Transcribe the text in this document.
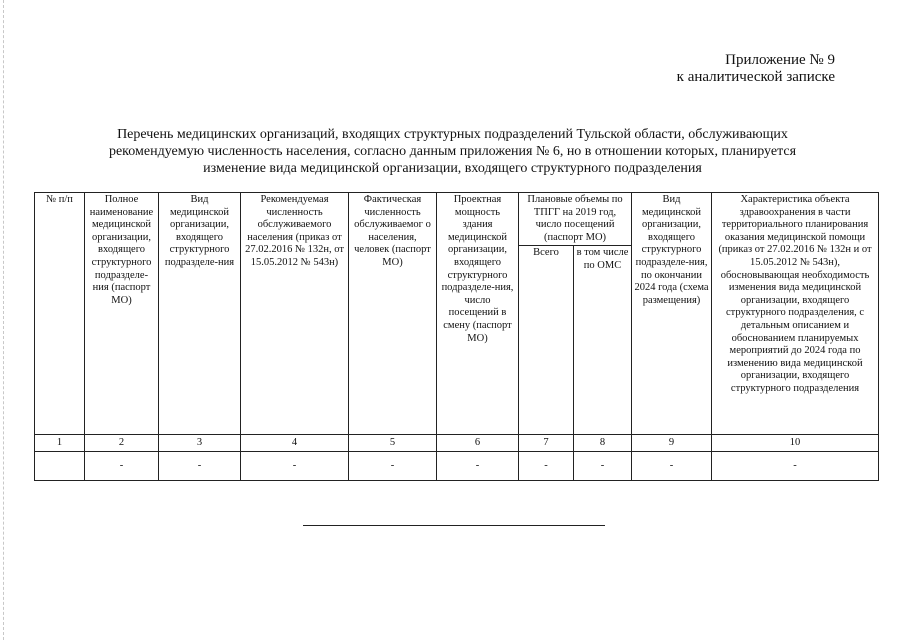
Приложение № 9
к аналитической записке
Перечень медицинских организаций, входящих структурных подразделений Тульской области, обслуживающих
рекомендуемую численность населения, согласно данным приложения № 6, но в отношении которых, планируется
изменение вида медицинской организации, входящего структурного подразделения
№ п/п	Полное наименование медицинской организации, входящего структурного подразделе-ния (паспорт МО)	Вид медицинской организации, входящего структурного подразделе-ния	Рекомендуемая численность обслуживаемого населения (приказ от 27.02.2016 № 132н, от 15.05.2012 № 543н)	Фактическая численность обслуживаемог о населения, человек (паспорт МО)	Проектная мощность здания медицинской организации, входящего структурного подразделе-ния, число посещений в смену (паспорт МО)	Плановые объемы по ТПГГ на 2019 год, число посещений (паспорт МО)		Вид медицинской организации, входящего структурного подразделе-ния, по окончании 2024 года (схема размещения)	Характеристика объекта здравоохранения в части территориального планирования оказания медицинской помощи (приказ от 27.02.2016 № 132н и от 15.05.2012 № 543н), обосновывающая необходимость изменения вида медицинской организации, входящего структурного подразделения, с детальным описанием и обоснованием планируемых мероприятий до 2024 года по изменению вида медицинской организации, входящего структурного подразделения
						Всего	в том числе по ОМС		
1	2	3	4	5	6	7	8	9	10
	-	-	-	-	-	-	-	-	-
